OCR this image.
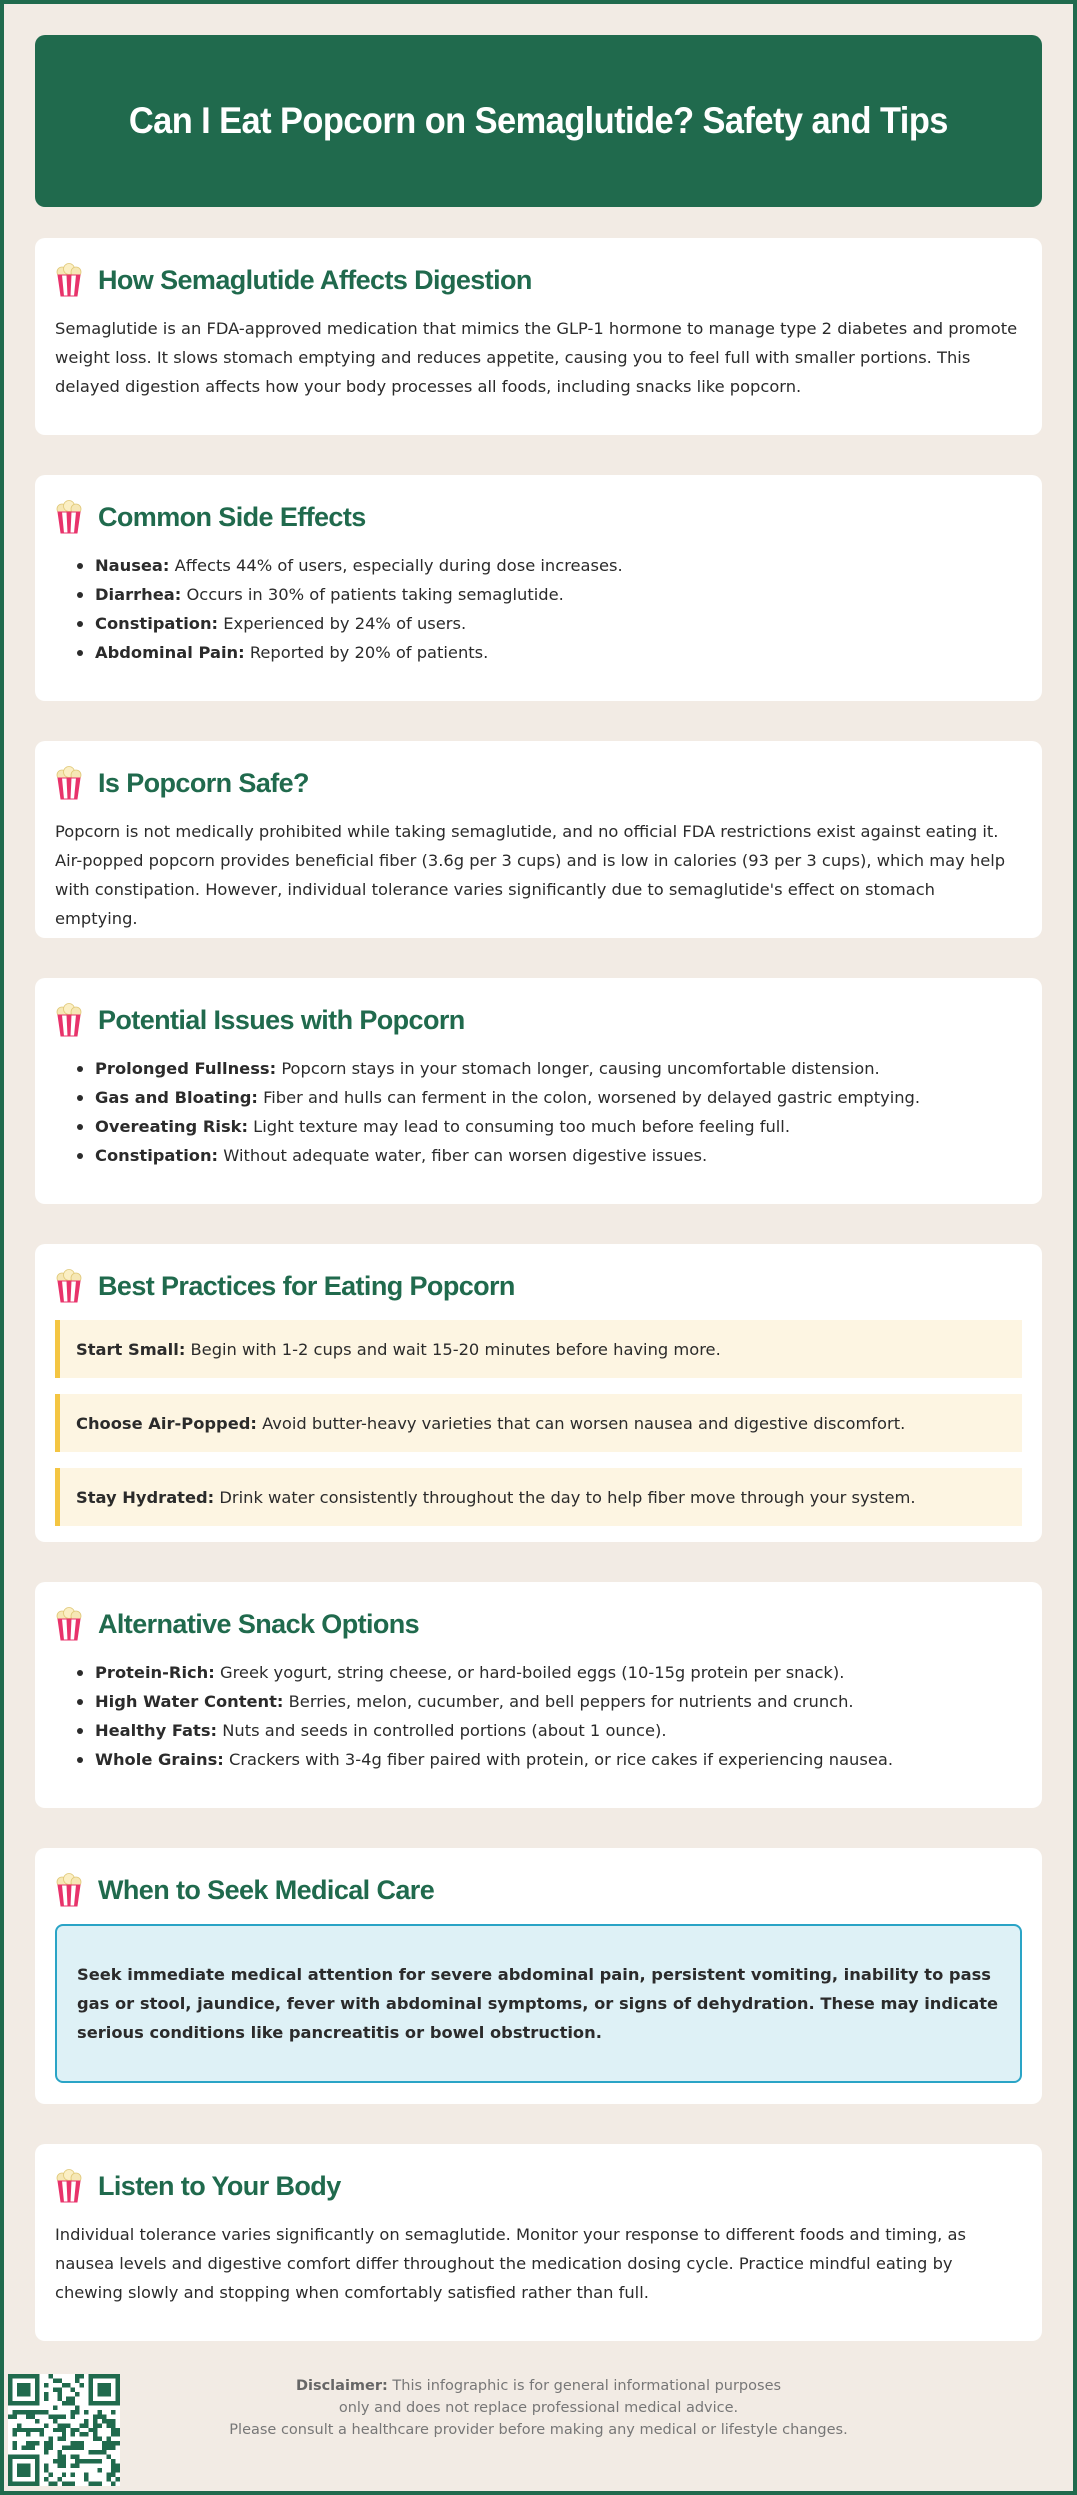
Can I Eat Popcorn on Semaglutide? Safety and Tips
How Semaglutide Affects Digestion

Semaglutide is an FDA-approved medication that mimics the GLP-1 hormone to manage type 2 diabetes and promote weight loss. It slows stomach emptying and reduces appetite, causing you to feel full with smaller portions. This delayed digestion affects how your body processes all foods, including snacks like popcorn.

Common Side Effects
Nausea: Affects 44% of users, especially during dose increases.
Diarrhea: Occurs in 30% of patients taking semaglutide.
Constipation: Experienced by 24% of users.
Abdominal Pain: Reported by 20% of patients.
Is Popcorn Safe?

Popcorn is not medically prohibited while taking semaglutide, and no official FDA restrictions exist against eating it. Air-popped popcorn provides beneficial fiber (3.6g per 3 cups) and is low in calories (93 per 3 cups), which may help with constipation. However, individual tolerance varies significantly due to semaglutide's effect on stomach emptying.

Potential Issues with Popcorn
Prolonged Fullness: Popcorn stays in your stomach longer, causing uncomfortable distension.
Gas and Bloating: Fiber and hulls can ferment in the colon, worsened by delayed gastric emptying.
Overeating Risk: Light texture may lead to consuming too much before feeling full.
Constipation: Without adequate water, fiber can worsen digestive issues.
Best Practices for Eating Popcorn
Start Small: Begin with 1-2 cups and wait 15-20 minutes before having more.
Choose Air-Popped: Avoid butter-heavy varieties that can worsen nausea and digestive discomfort.
Stay Hydrated: Drink water consistently throughout the day to help fiber move through your system.
Alternative Snack Options
Protein-Rich: Greek yogurt, string cheese, or hard-boiled eggs (10-15g protein per snack).
High Water Content: Berries, melon, cucumber, and bell peppers for nutrients and crunch.
Healthy Fats: Nuts and seeds in controlled portions (about 1 ounce).
Whole Grains: Crackers with 3-4g fiber paired with protein, or rice cakes if experiencing nausea.
When to Seek Medical Care
Seek immediate medical attention for severe abdominal pain, persistent vomiting, inability to pass gas or stool, jaundice, fever with abdominal symptoms, or signs of dehydration. These may indicate serious conditions like pancreatitis or bowel obstruction.
Listen to Your Body

Individual tolerance varies significantly on semaglutide. Monitor your response to different foods and timing, as nausea levels and digestive comfort differ throughout the medication dosing cycle. Practice mindful eating by chewing slowly and stopping when comfortably satisfied rather than full.

Disclaimer: This infographic is for general informational purposes
only and does not replace professional medical advice.
Please consult a healthcare provider before making any medical or lifestyle changes.
